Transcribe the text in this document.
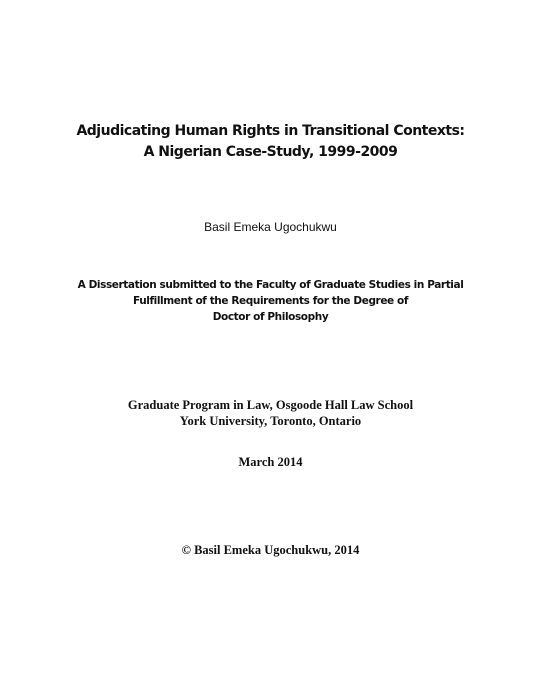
Adjudicating Human Rights in Transitional Contexts:
A Nigerian Case-Study, 1999-2009
Basil Emeka Ugochukwu
A Dissertation submitted to the Faculty of Graduate Studies in Partial
Fulfillment of the Requirements for the Degree of
Doctor of Philosophy
Graduate Program in Law, Osgoode Hall Law School
York University, Toronto, Ontario
March 2014
© Basil Emeka Ugochukwu, 2014
